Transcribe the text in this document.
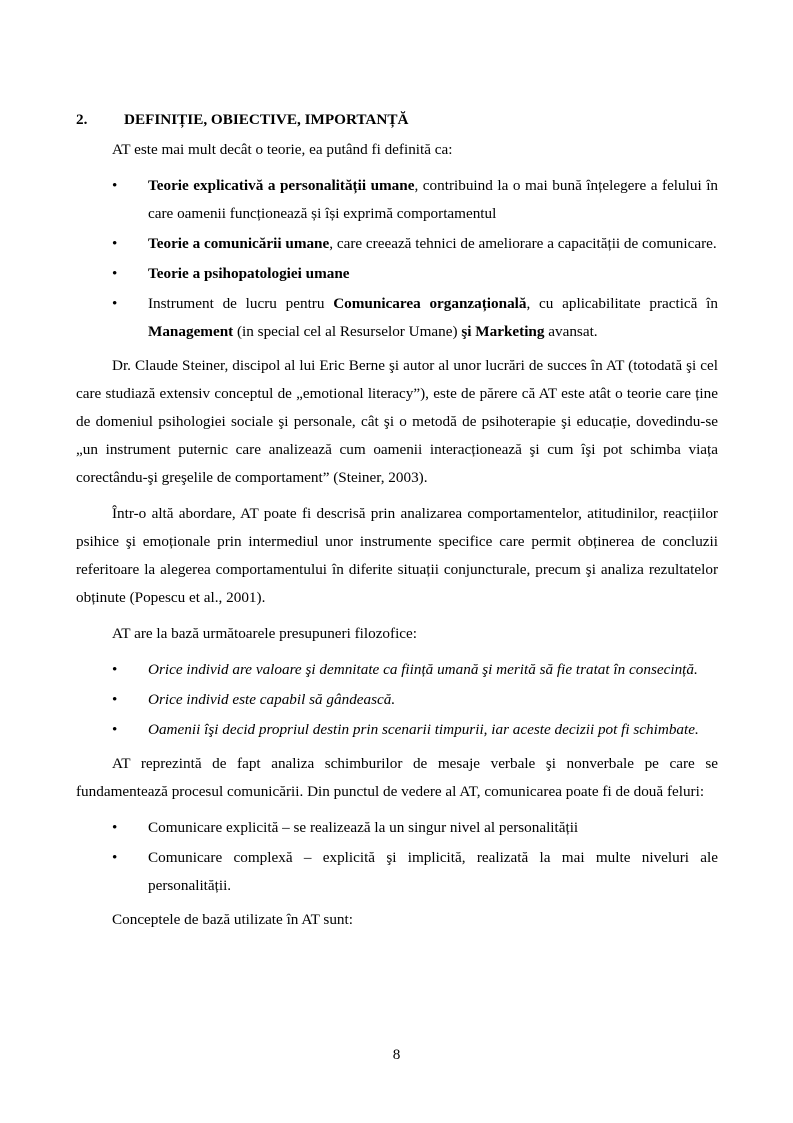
2. DEFINIȚIE, OBIECTIVE, IMPORTANȚĂ

AT este mai mult decât o teorie, ea putând fi definită ca:

•	Teorie explicativă a personalității umane, contribuind la o mai bună înțelegere a felului în care oamenii funcționează și își exprimă comportamentul
•	Teorie a comunicării umane, care creează tehnici de ameliorare a capacității de comunicare.
•	Teorie a psihopatologiei umane
•	Instrument de lucru pentru Comunicarea organzațională, cu aplicabilitate practică în Management (in special cel al Resurselor Umane) şi Marketing avansat.

Dr. Claude Steiner, discipol al lui Eric Berne şi autor al unor lucrări de succes în AT (totodată şi cel care studiază extensiv conceptul de „emotional literacy”), este de părere că AT este atât o teorie care ține de domeniul psihologiei sociale şi personale, cât şi o metodă de psihoterapie şi educație, dovedindu-se „un instrument puternic care analizează cum oamenii interacționează şi cum îşi pot schimba viața corectându-şi greşelile de comportament” (Steiner, 2003).

Într-o altă abordare, AT poate fi descrisă prin analizarea comportamentelor, atitudinilor, reacțiilor psihice şi emoționale prin intermediul unor instrumente specifice care permit obținerea de concluzii referitoare la alegerea comportamentului în diferite situații conjuncturale, precum şi analiza rezultatelor obținute (Popescu et al., 2001).

AT are la bază următoarele presupuneri filozofice:

•	Orice individ are valoare şi demnitate ca ființă umană şi merită să fie tratat în consecință.
•	Orice individ este capabil să gândească.
•	Oamenii îşi decid propriul destin prin scenarii timpurii, iar aceste decizii pot fi schimbate.

AT reprezintă de fapt analiza schimburilor de mesaje verbale şi nonverbale pe care se fundamentează procesul comunicării. Din punctul de vedere al AT, comunicarea poate fi de două feluri:

•	Comunicare explicită – se realizează la un singur nivel al personalității
•	Comunicare complexă – explicită şi implicită, realizată la mai multe niveluri ale personalității.

Conceptele de bază utilizate în AT sunt:

8
